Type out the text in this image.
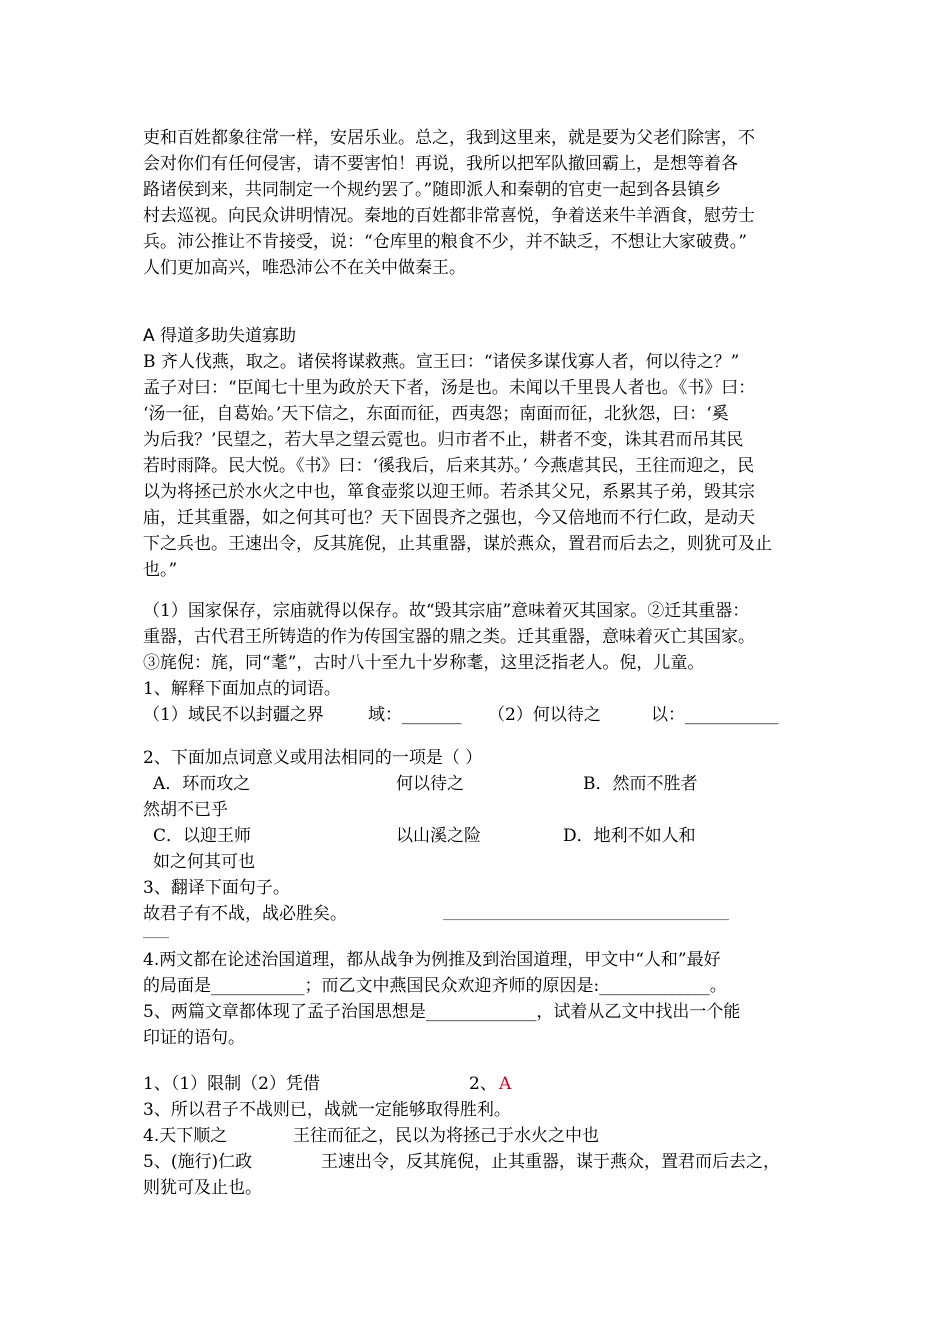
吏和百姓都象往常一样，安居乐业。总之，我到这里来，就是要为父老们除害，不
会对你们有任何侵害，请不要害怕！再说，我所以把军队撤回霸上，是想等着各
路诸侯到来，共同制定一个规约罢了。”随即派人和秦朝的官吏一起到各县镇乡
村去巡视。向民众讲明情况。秦地的百姓都非常喜悦，争着送来牛羊酒食，慰劳士
兵。沛公推让不肯接受，说：“仓库里的粮食不少，并不缺乏，不想让大家破费。”
人们更加高兴，唯恐沛公不在关中做秦王。
A 得道多助失道寡助
B 齐人伐燕，取之。诸侯将谋救燕。宣王曰：“诸侯多谋伐寡人者，何以待之？”
孟子对曰：“臣闻七十里为政於天下者，汤是也。未闻以千里畏人者也。《书》曰：
‘汤一征，自葛始。’天下信之，东面而征，西夷怨；南面而征，北狄怨，曰：‘奚
为后我？’民望之，若大旱之望云霓也。归市者不止，耕者不变，诛其君而吊其民
若时雨降。民大悦。《书》曰：‘徯我后，后来其苏。’ 今燕虐其民，王往而迎之，民
以为将拯己於水火之中也，箪食壶浆以迎王师。若杀其父兄，系累其子弟，毁其宗
庙，迁其重器，如之何其可也？天下固畏齐之强也，今又倍地而不行仁政，是动天
下之兵也。王速出令，反其旄倪，止其重器，谋於燕众，置君而后去之，则犹可及止
也。”
（1）国家保存，宗庙就得以保存。故“毁其宗庙”意味着灭其国家。②迁其重器：
重器，古代君王所铸造的作为传国宝器的鼎之类。迁其重器，意味着灭亡其国家。
③旄倪：旄，同“耄”，古时八十至九十岁称耄，这里泛指老人。倪，儿童。
1、解释下面加点的词语。
（1）域民不以封疆之界	域：_______ （2）何以待之	以：___________
2、下面加点词意义或用法相同的一项是（ ）
A．环而攻之	何以待之	B．然而不胜者
然胡不已乎
C．以迎王师	以山溪之险	D．地利不如人和
如之何其可也
3、翻译下面句子。
故君子有不战，战必胜矣。	____________________________________________
____
4.两文都在论述治国道理，都从战争为例推及到治国道理，甲文中“人和”最好
的局面是___________；而乙文中燕国民众欢迎齐师的原因是:_____________。
5、两篇文章都体现了孟子治国思想是_____________，试着从乙文中找出一个能
印证的语句。
1、（1）限制（2）凭借	2、 A
3、所以君子不战则已，战就一定能够取得胜利。
4.天下顺之	王往而征之，民以为将拯己于水火之中也
5、(施行)仁政	王速出令，反其旄倪，止其重器，谋于燕众，置君而后去之，
则犹可及止也。
